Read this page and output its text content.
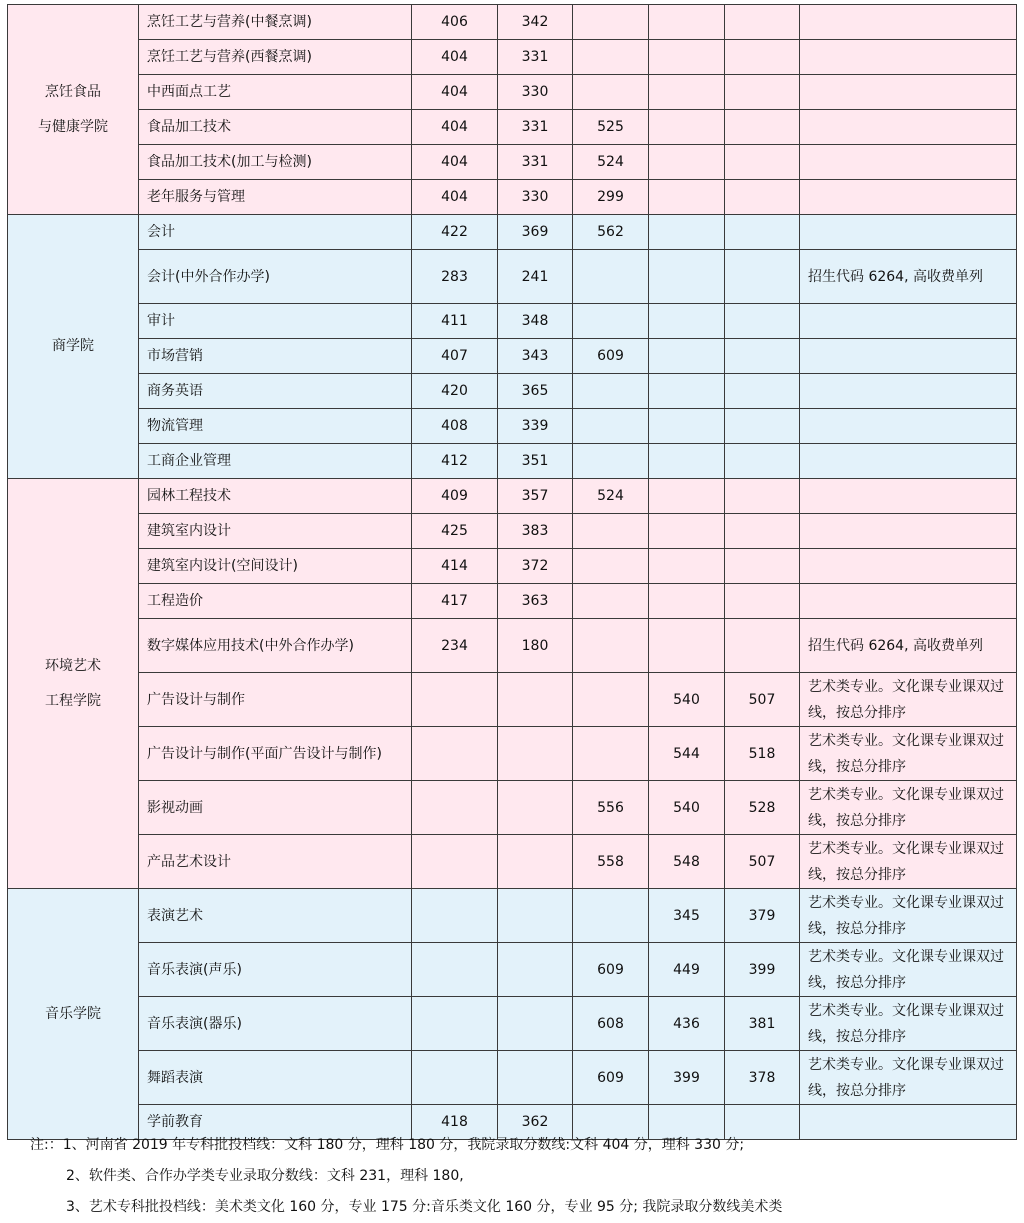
烹饪食品
与健康学院	烹饪工艺与营养(中餐烹调)	406	342				
	烹饪工艺与营养(西餐烹调)	404	331				
	中西面点工艺	404	330				
	食品加工技术	404	331	525			
	食品加工技术(加工与检测)	404	331	524			
	老年服务与管理	404	330	299			

商学院	会计	422	369	562			
	会计(中外合作办学)	283	241				招生代码 6264, 高收费单列
	审计	411	348				
	市场营销	407	343	609			
	商务英语	420	365				
	物流管理	408	339				
	工商企业管理	412	351				

环境艺术
工程学院	园林工程技术	409	357	524			
	建筑室内设计	425	383				
	建筑室内设计(空间设计)	414	372				
	工程造价	417	363				
	数字媒体应用技术(中外合作办学)	234	180				招生代码 6264, 高收费单列
	广告设计与制作				540	507	艺术类专业。文化课专业课双过线，按总分排序
	广告设计与制作(平面广告设计与制作)				544	518	艺术类专业。文化课专业课双过线，按总分排序
	影视动画			556	540	528	艺术类专业。文化课专业课双过线，按总分排序
	产品艺术设计			558	548	507	艺术类专业。文化课专业课双过线，按总分排序

音乐学院	表演艺术				345	379	艺术类专业。文化课专业课双过线，按总分排序
	音乐表演(声乐)			609	449	399	艺术类专业。文化课专业课双过线，按总分排序
	音乐表演(器乐)			608	436	381	艺术类专业。文化课专业课双过线，按总分排序
	舞蹈表演			609	399	378	艺术类专业。文化课专业课双过线，按总分排序
	学前教育	418	362				
注:：1、河南省 2019 年专科批投档线：文科 180 分，理科 180 分，我院录取分数线:文科 404 分，理科 330 分;
2、软件类、合作办学类专业录取分数线：文科 231，理科 180,
3、艺术专科批投档线：美术类文化 160 分，专业 175 分:音乐类文化 160 分，专业 95 分; 我院录取分数线美术类
